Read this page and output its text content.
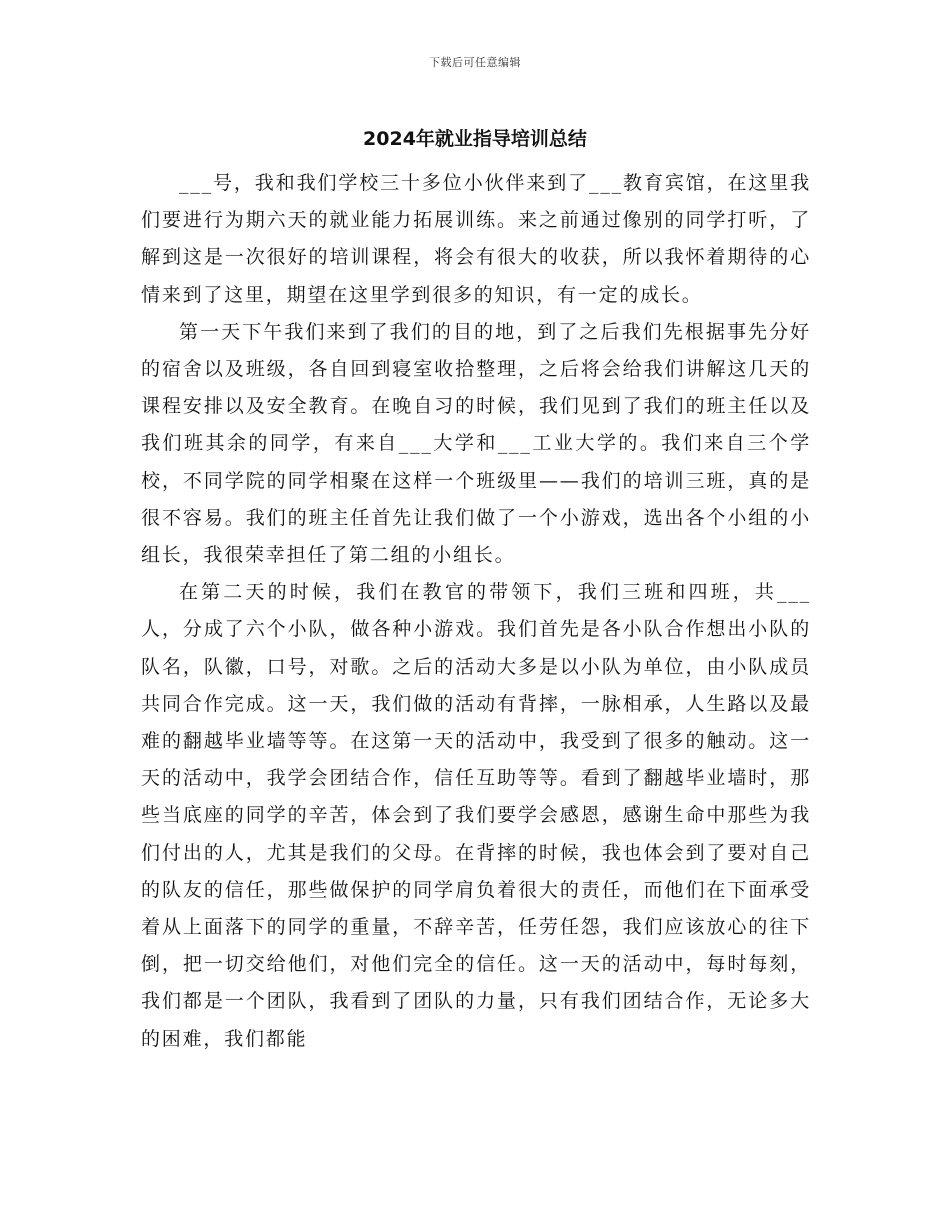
下载后可任意编辑
2024年就业指导培训总结

___号，我和我们学校三十多位小伙伴来到了___教育宾馆，在这里我们要进行为期六天的就业能力拓展训练。来之前通过像别的同学打听，了解到这是一次很好的培训课程，将会有很大的收获，所以我怀着期待的心情来到了这里，期望在这里学到很多的知识，有一定的成长。

第一天下午我们来到了我们的目的地，到了之后我们先根据事先分好的宿舍以及班级，各自回到寝室收拾整理，之后将会给我们讲解这几天的课程安排以及安全教育。在晚自习的时候，我们见到了我们的班主任以及我们班其余的同学，有来自___大学和___工业大学的。我们来自三个学校，不同学院的同学相聚在这样一个班级里——我们的培训三班，真的是很不容易。我们的班主任首先让我们做了一个小游戏，选出各个小组的小组长，我很荣幸担任了第二组的小组长。

在第二天的时候，我们在教官的带领下，我们三班和四班，共___人，分成了六个小队，做各种小游戏。我们首先是各小队合作想出小队的队名，队徽，口号，对歌。之后的活动大多是以小队为单位，由小队成员共同合作完成。这一天，我们做的活动有背摔，一脉相承，人生路以及最难的翻越毕业墙等等。在这第一天的活动中，我受到了很多的触动。这一天的活动中，我学会团结合作，信任互助等等。看到了翻越毕业墙时，那些当底座的同学的辛苦，体会到了我们要学会感恩，感谢生命中那些为我们付出的人，尤其是我们的父母。在背摔的时候，我也体会到了要对自己的队友的信任，那些做保护的同学肩负着很大的责任，而他们在下面承受着从上面落下的同学的重量，不辞辛苦，任劳任怨，我们应该放心的往下倒，把一切交给他们，对他们完全的信任。这一天的活动中，每时每刻，我们都是一个团队，我看到了团队的力量，只有我们团结合作，无论多大的困难，我们都能
